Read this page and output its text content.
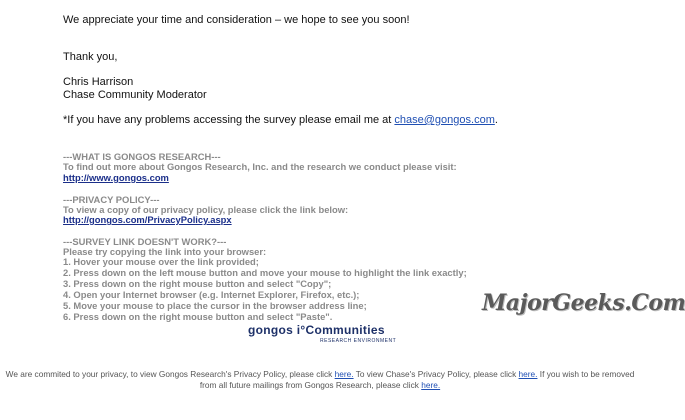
We appreciate your time and consideration – we hope to see you soon!
Thank you,
Chris Harrison
Chase Community Moderator
*If you have any problems accessing the survey please email me at chase@gongos.com.
---WHAT IS GONGOS RESEARCH---
To find out more about Gongos Research, Inc. and the research we conduct please visit:
http://www.gongos.com
---PRIVACY POLICY---
To view a copy of our privacy policy, please click the link below:
http://gongos.com/PrivacyPolicy.aspx
---SURVEY LINK DOESN'T WORK?---
Please try copying the link into your browser:
1. Hover your mouse over the link provided;
2. Press down on the left mouse button and move your mouse to highlight the link exactly;
3. Press down on the right mouse button and select "Copy";
4. Open your Internet browser (e.g. Internet Explorer, Firefox, etc.);
5. Move your mouse to place the cursor in the browser address line;
6. Press down on the right mouse button and select "Paste".
MajorGeeks.Com
gongos i°Communities
RESEARCH ENVIRONMENT
We are commited to your privacy, to view Gongos Research's Privacy Policy, please click here. To view Chase's Privacy Policy, please click here. If you wish to be removed from all future mailings from Gongos Research, please click here.
